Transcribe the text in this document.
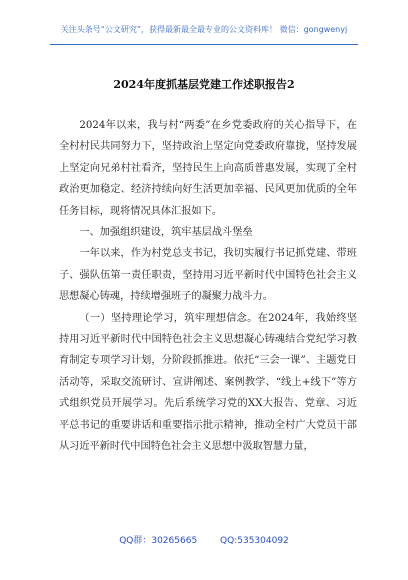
关注头条号“公文研究”，获得最新最全最专业的公文资料库！ 微信：gongwenyj
2024年度抓基层党建工作述职报告2

2024年以来，我与村“两委”在乡党委政府的关心指导下，在全村村民共同努力下，坚持政治上坚定向党委政府靠拢，坚持发展上坚定向兄弟村社看齐，坚持民生上向高质普惠发展，实现了全村政治更加稳定、经济持续向好生活更加幸福、民风更加优质的全年任务目标，现将情况具体汇报如下。

一、加强组织建设，筑牢基层战斗堡垒

一年以来，作为村党总支书记，我切实履行书记抓党建、带班子、强队伍第一责任职责，坚持用习近平新时代中国特色社会主义思想凝心铸魂，持续增强班子的凝聚力战斗力。

（一）坚持理论学习，筑牢理想信念。在2024年，我始终坚持用习近平新时代中国特色社会主义思想凝心铸魂结合党纪学习教育制定专项学习计划，分阶段抓推进。依托“三会一课”、主题党日活动等，采取交流研讨、宣讲阐述、案例教学、“线上+线下”等方式组织党员开展学习。先后系统学习党的XX大报告、党章、习近平总书记的重要讲话和重要指示批示精神，推动全村广大党员干部从习近平新时代中国特色社会主义思想中汲取智慧力量，

QQ群：30265665	QQ:535304092
